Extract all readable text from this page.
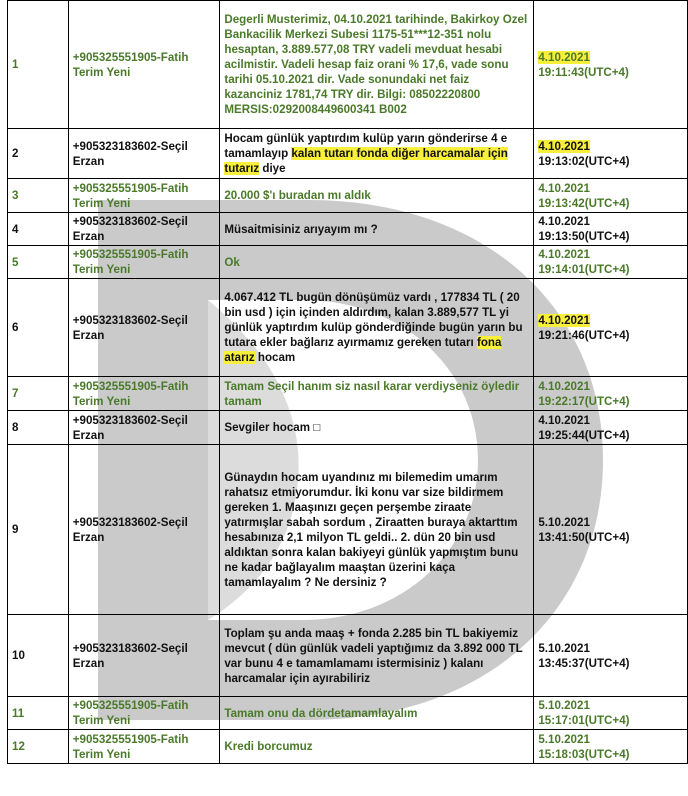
1	+905325551905-Fatih Terim Yeni	Degerli Musterimiz, 04.10.2021 tarihinde, Bakirkoy Ozel Bankacilik Merkezi Subesi 1175-51***12-351 nolu hesaptan, 3.889.577,08 TRY vadeli mevduat hesabi acilmistir. Vadeli hesap faiz orani % 17,6, vade sonu tarihi 05.10.2021 dir. Vade sonundaki net faiz kazanciniz 1781,74 TRY dir. Bilgi: 08502220800 MERSIS:0292008449600341 B002	4.10.2021
19:11:43(UTC+4)

2	+905323183602-Seçil Erzan	Hocam günlük yaptırdım kulüp yarın gönderirse 4 e tamamlayıp kalan tutarı fonda diğer harcamalar için tutarız diye	4.10.2021
19:13:02(UTC+4)

3	+905325551905-Fatih Terim Yeni	20.000 $'ı buradan mı aldık	4.10.2021
19:13:42(UTC+4)

4	+905323183602-Seçil Erzan	Müsaitmisiniz arıyayım mı ?	4.10.2021
19:13:50(UTC+4)

5	+905325551905-Fatih Terim Yeni	Ok	4.10.2021
19:14:01(UTC+4)

6	+905323183602-Seçil Erzan	4.067.412 TL bugün dönüşümüz vardı , 177834 TL ( 20 bin usd ) için içinden aldırdım, kalan 3.889,577 TL yi günlük yaptırdım kulüp gönderdiğinde bugün yarın bu tutara ekler bağlarız ayırmamız gereken tutarı fona atarız hocam	4.10.2021
19:21:46(UTC+4)

7	+905325551905-Fatih Terim Yeni	Tamam Seçil hanım siz nasıl karar verdiyseniz öyledir tamam	4.10.2021
19:22:17(UTC+4)

8	+905323183602-Seçil Erzan	Sevgiler hocam □	4.10.2021
19:25:44(UTC+4)

9	+905323183602-Seçil Erzan	Günaydın hocam uyandınız mı bilemedim umarım rahatsız etmiyorumdur. İki konu var size bildirmem gereken 1. Maaşınızı geçen perşembe ziraate yatırmışlar sabah sordum , Ziraatten buraya aktarttım hesabınıza 2,1 milyon TL geldi.. 2. dün 20 bin usd aldıktan sonra kalan bakiyeyi günlük yapmıştım bunu ne kadar bağlayalım maaştan üzerini kaça tamamlayalım ? Ne dersiniz ?	5.10.2021
13:41:50(UTC+4)

10	+905323183602-Seçil Erzan	Toplam şu anda maaş + fonda 2.285 bin TL bakiyemiz mevcut ( dün günlük vadeli yaptığımız da 3.892 000 TL var bunu 4 e tamamlamamı istermisiniz ) kalanı harcamalar için ayırabiliriz	5.10.2021
13:45:37(UTC+4)

11	+905325551905-Fatih Terim Yeni	Tamam onu da dördetamamlayalım	5.10.2021
15:17:01(UTC+4)

12	+905325551905-Fatih Terim Yeni	Kredi borcumuz	5.10.2021
15:18:03(UTC+4)
